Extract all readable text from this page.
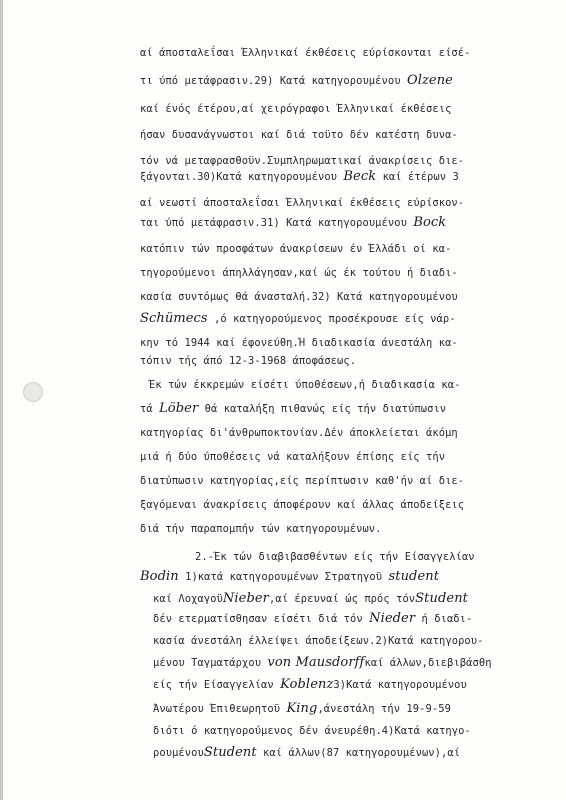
αί άποσταλεΐσαι Έλληνικαί έκθέσεις εύρίσκονται είσέ-
τι ύπό μετάφρασιν.29) Κατά κατηγορουμένου Olzene
καί ένός έτέρου,αί χειρόγραφοι Έλληνικαί έκθέσεις
ήσαν δυσανάγνωστοι καί διά τοϋτο δέν κατέστη δυνα-
τόν νά μεταφρασθοϋν.Συμπληρωματικαί άνακρίσεις διε-
ξάγονται.30)Κατά κατηγορουμένου Beck καί έτέρων 3
αί νεωστί άποσταλεΐσαι Έλληνικαί έκθέσεις εύρίσκον-
ται ύπό μετάφρασιν.31) Κατά κατηγορουμένου Bock
κατόπιν τών προσφάτων άνακρίσεων έν Έλλάδι οί κα-
τηγορούμενοι άπηλλάγησαν,καί ώς έκ τούτου ή διαδι-
κασία συντόμως θά άνασταλή.32) Κατά κατηγορουμένου
Schümecs ,ό κατηγορούμενος προσέκρουσε είς νάρ-
κην τό 1944 καί έφονεύθη.Ή διαδικασία άνεστάλη κα-
τόπιν τής άπό 12-3-1968 άποφάσεως.
Έκ τών έκκρεμών είσέτι ύποθέσεων,ή διαδικασία κα-
τά Löber θά καταλήξη πιθανώς είς τήν διατύπωσιν
κατηγορίας δι'άνθρωποκτονίαν.Δέν άποκλείεται άκόμη
μιά ή δύο ύποθέσεις νά καταλήξουν έπίσης είς τήν
διατύπωσιν κατηγορίας,είς περίπτωσιν καθ'ήν αί διε-
ξαγόμεναι άνακρίσεις άποφέρουν καί άλλας άποδείξεις
διά τήν παραπομπήν τών κατηγορουμένων.
2.-Έκ τών διαβιβασθέντων είς τήν Είσαγγελίαν
Bodin 1)κατά κατηγορουμένων Στρατηγοϋ student
καί ΛοχαγοϋNieber,αί έρευναί ώς πρός τόνStudent
δέν ετερματίσθησαν είσέτι διά τόν Nieder ή διαδι-
κασία άνεστάλη έλλείψει άποδείξεων.2)Κατά κατηγορου-
μένου Ταγματάρχου von Mausdorffκαί άλλων,διεβιβάσθη
είς τήν Είσαγγελίαν Koblenz3)Κατά κατηγορουμένου
Άνωτέρου Έπιθεωρητοϋ King,άνεστάλη τήν 19-9-59
διότι ό κατηγορούμενος δέν άνευρέθη.4)Κατά κατηγο-
ρουμένουStudent καί άλλων(87 κατηγορουμένων),αί
